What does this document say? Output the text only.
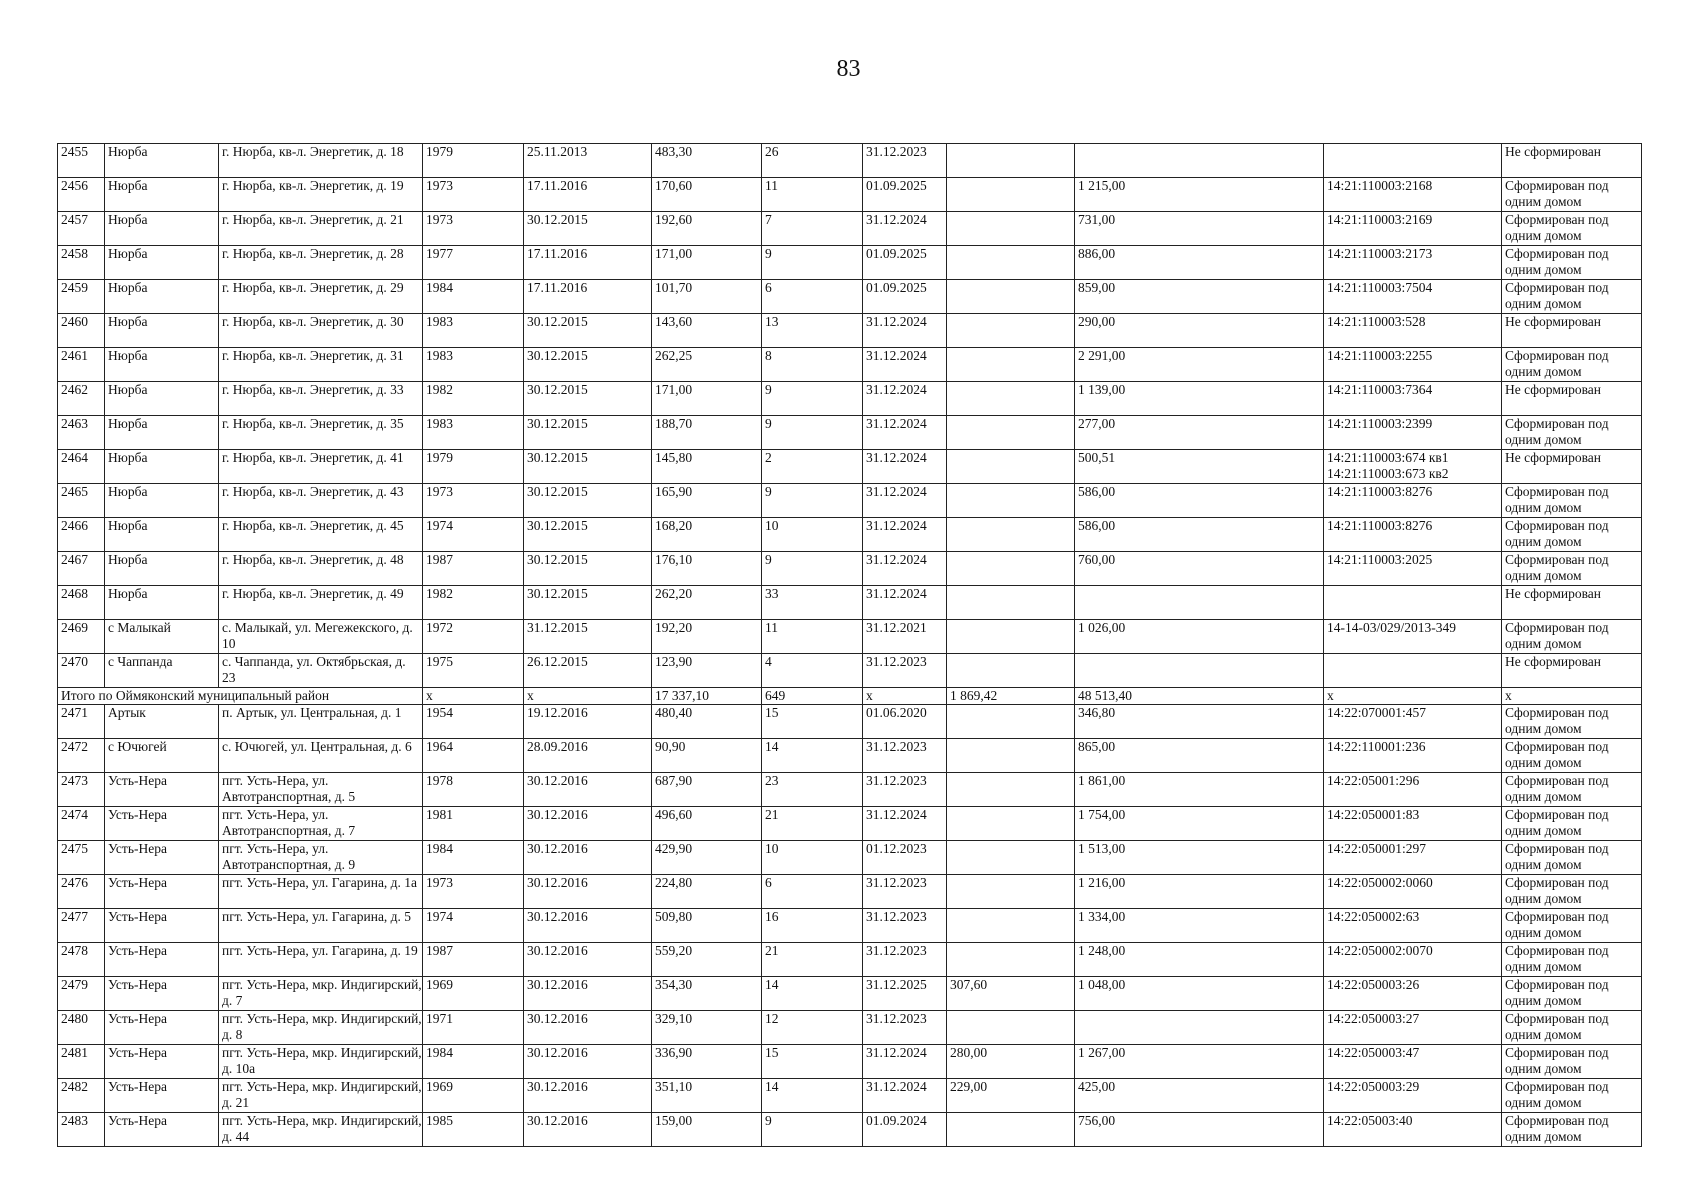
83
2455	Нюрба	г. Нюрба, кв-л. Энергетик, д. 18	1979	25.11.2013	483,30	26	31.12.2023				Не сформирован
2456	Нюрба	г. Нюрба, кв-л. Энергетик, д. 19	1973	17.11.2016	170,60	11	01.09.2025		1 215,00	14:21:110003:2168	Сформирован под одним домом
2457	Нюрба	г. Нюрба, кв-л. Энергетик, д. 21	1973	30.12.2015	192,60	7	31.12.2024		731,00	14:21:110003:2169	Сформирован под одним домом
2458	Нюрба	г. Нюрба, кв-л. Энергетик, д. 28	1977	17.11.2016	171,00	9	01.09.2025		886,00	14:21:110003:2173	Сформирован под одним домом
2459	Нюрба	г. Нюрба, кв-л. Энергетик, д. 29	1984	17.11.2016	101,70	6	01.09.2025		859,00	14:21:110003:7504	Сформирован под одним домом
2460	Нюрба	г. Нюрба, кв-л. Энергетик, д. 30	1983	30.12.2015	143,60	13	31.12.2024		290,00	14:21:110003:528	Не сформирован
2461	Нюрба	г. Нюрба, кв-л. Энергетик, д. 31	1983	30.12.2015	262,25	8	31.12.2024		2 291,00	14:21:110003:2255	Сформирован под одним домом
2462	Нюрба	г. Нюрба, кв-л. Энергетик, д. 33	1982	30.12.2015	171,00	9	31.12.2024		1 139,00	14:21:110003:7364	Не сформирован
2463	Нюрба	г. Нюрба, кв-л. Энергетик, д. 35	1983	30.12.2015	188,70	9	31.12.2024		277,00	14:21:110003:2399	Сформирован под одним домом
2464	Нюрба	г. Нюрба, кв-л. Энергетик, д. 41	1979	30.12.2015	145,80	2	31.12.2024		500,51	14:21:110003:674 кв1 14:21:110003:673 кв2	Не сформирован
2465	Нюрба	г. Нюрба, кв-л. Энергетик, д. 43	1973	30.12.2015	165,90	9	31.12.2024		586,00	14:21:110003:8276	Сформирован под одним домом
2466	Нюрба	г. Нюрба, кв-л. Энергетик, д. 45	1974	30.12.2015	168,20	10	31.12.2024		586,00	14:21:110003:8276	Сформирован под одним домом
2467	Нюрба	г. Нюрба, кв-л. Энергетик, д. 48	1987	30.12.2015	176,10	9	31.12.2024		760,00	14:21:110003:2025	Сформирован под одним домом
2468	Нюрба	г. Нюрба, кв-л. Энергетик, д. 49	1982	30.12.2015	262,20	33	31.12.2024				Не сформирован
2469	с Малыкай	с. Малыкай, ул. Мегежекского, д. 10	1972	31.12.2015	192,20	11	31.12.2021		1 026,00	14-14-03/029/2013-349	Сформирован под одним домом
2470	с Чаппанда	с. Чаппанда, ул. Октябрьская, д. 23	1975	26.12.2015	123,90	4	31.12.2023				Не сформирован
Итого по Оймяконский муниципальный район			x	x	17 337,10	649	x	1 869,42	48 513,40	x	x
2471	Артык	п. Артык, ул. Центральная, д. 1	1954	19.12.2016	480,40	15	01.06.2020		346,80	14:22:070001:457	Сформирован под одним домом
2472	с Ючюгей	с. Ючюгей, ул. Центральная, д. 6	1964	28.09.2016	90,90	14	31.12.2023		865,00	14:22:110001:236	Сформирован под одним домом
2473	Усть-Нера	пгт. Усть-Нера, ул. Автотранспортная, д. 5	1978	30.12.2016	687,90	23	31.12.2023		1 861,00	14:22:05001:296	Сформирован под одним домом
2474	Усть-Нера	пгт. Усть-Нера, ул. Автотранспортная, д. 7	1981	30.12.2016	496,60	21	31.12.2024		1 754,00	14:22:050001:83	Сформирован под одним домом
2475	Усть-Нера	пгт. Усть-Нера, ул. Автотранспортная, д. 9	1984	30.12.2016	429,90	10	01.12.2023		1 513,00	14:22:050001:297	Сформирован под одним домом
2476	Усть-Нера	пгт. Усть-Нера, ул. Гагарина, д. 1а	1973	30.12.2016	224,80	6	31.12.2023		1 216,00	14:22:050002:0060	Сформирован под одним домом
2477	Усть-Нера	пгт. Усть-Нера, ул. Гагарина, д. 5	1974	30.12.2016	509,80	16	31.12.2023		1 334,00	14:22:050002:63	Сформирован под одним домом
2478	Усть-Нера	пгт. Усть-Нера, ул. Гагарина, д. 19	1987	30.12.2016	559,20	21	31.12.2023		1 248,00	14:22:050002:0070	Сформирован под одним домом
2479	Усть-Нера	пгт. Усть-Нера, мкр. Индигирский, д. 7	1969	30.12.2016	354,30	14	31.12.2025	307,60	1 048,00	14:22:050003:26	Сформирован под одним домом
2480	Усть-Нера	пгт. Усть-Нера, мкр. Индигирский, д. 8	1971	30.12.2016	329,10	12	31.12.2023			14:22:050003:27	Сформирован под одним домом
2481	Усть-Нера	пгт. Усть-Нера, мкр. Индигирский, д. 10а	1984	30.12.2016	336,90	15	31.12.2024	280,00	1 267,00	14:22:050003:47	Сформирован под одним домом
2482	Усть-Нера	пгт. Усть-Нера, мкр. Индигирский, д. 21	1969	30.12.2016	351,10	14	31.12.2024	229,00	425,00	14:22:050003:29	Сформирован под одним домом
2483	Усть-Нера	пгт. Усть-Нера, мкр. Индигирский, д. 44	1985	30.12.2016	159,00	9	01.09.2024		756,00	14:22:05003:40	Сформирован под одним домом
